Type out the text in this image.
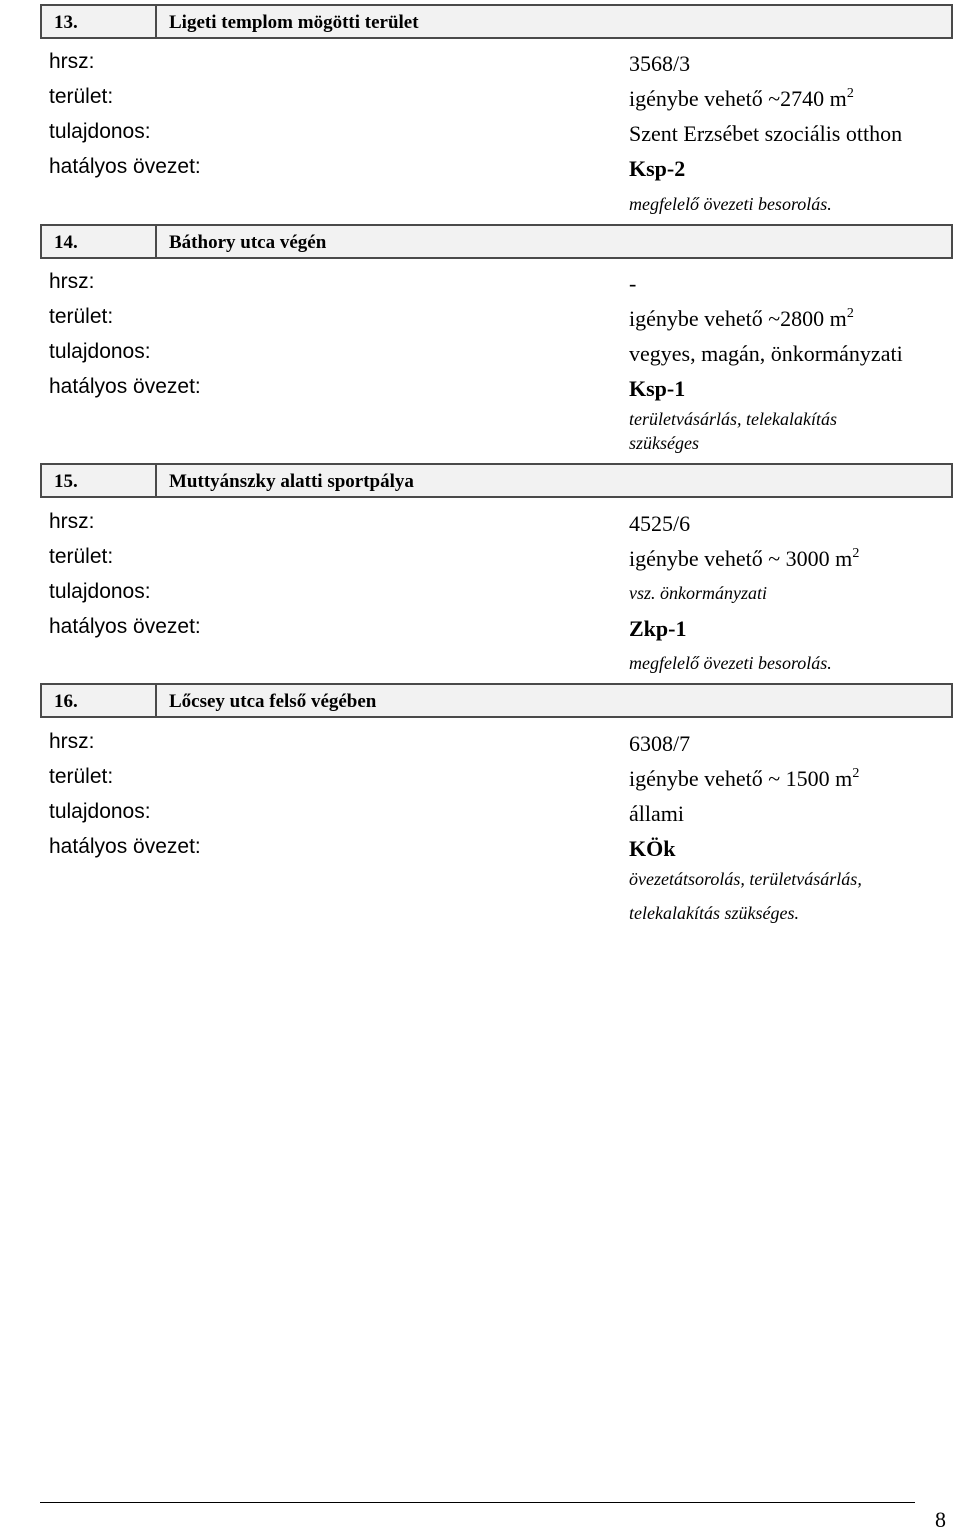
13.	Ligeti templom mögötti terület
hrsz:	3568/3
terület:	igénybe vehető ~2740 $m^2$
tulajdonos:	Szent Erzsébet szociális otthon
hatályos övezet:	Ksp-2
megfelelő övezeti besorolás.
14.	Báthory utca végén
hrsz:	-
terület:	igénybe vehető ~2800 $m^2$
tulajdonos:	vegyes, magán, önkormányzati
hatályos övezet:	Ksp-1
területvásárlás, telekalakítás
szükséges
15.	Muttyánszky alatti sportpálya
hrsz:	4525/6
terület:	igénybe vehető ~ 3000 $m^2$
tulajdonos:	vsz. önkormányzati
hatályos övezet:	Zkp-1
megfelelő övezeti besorolás.
16.	Lőcsey utca felső végében
hrsz:	6308/7
terület:	igénybe vehető ~ 1500 $m^2$
tulajdonos:	állami
hatályos övezet:	KÖk
övezetátsorolás, területvásárlás,
telekalakítás szükséges.
8
